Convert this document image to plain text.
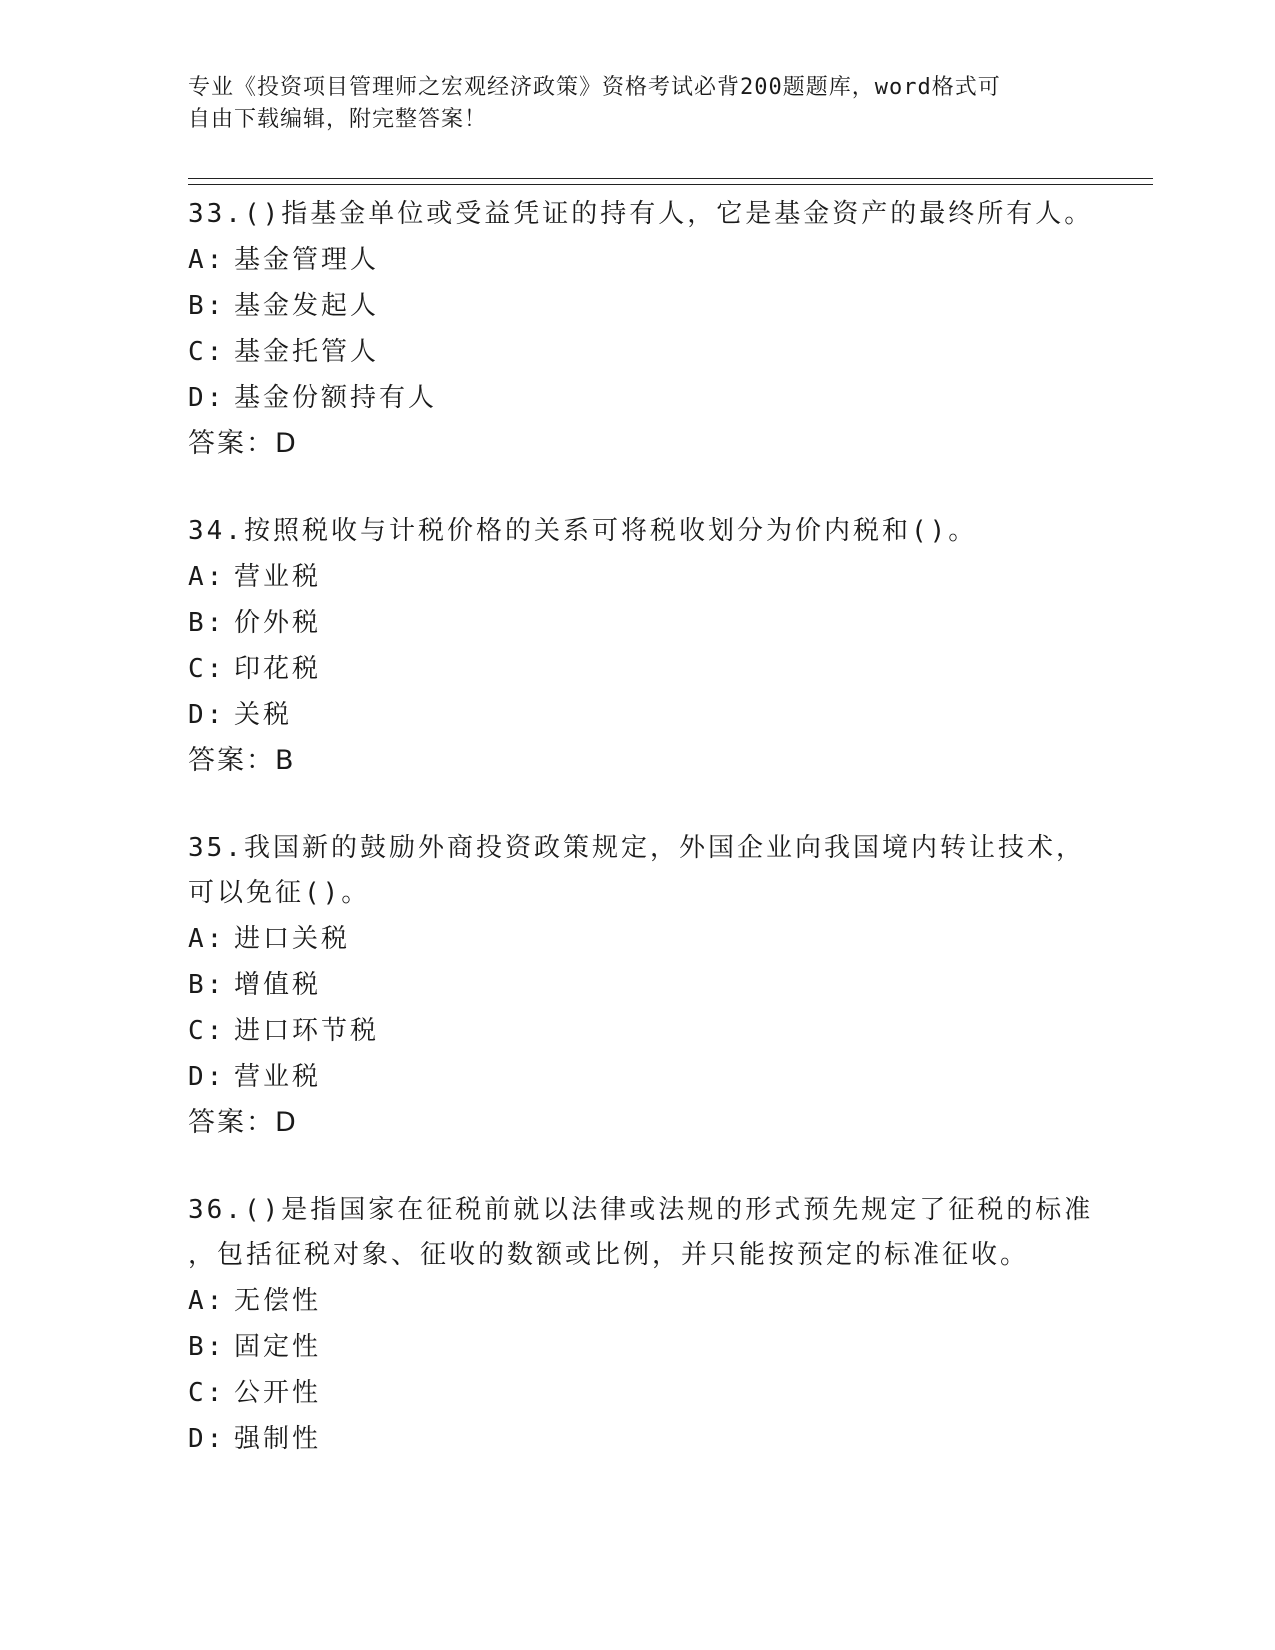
专业《投资项目管理师之宏观经济政策》资格考试必背200题题库，word格式可
自由下载编辑，附完整答案！
33.()指基金单位或受益凭证的持有人，它是基金资产的最终所有人。
A: 基金管理人
B: 基金发起人
C: 基金托管人
D: 基金份额持有人
答案：D
34.按照税收与计税价格的关系可将税收划分为价内税和()。
A: 营业税
B: 价外税
C: 印花税
D: 关税
答案：B
35.我国新的鼓励外商投资政策规定，外国企业向我国境内转让技术，
可以免征()。
A: 进口关税
B: 增值税
C: 进口环节税
D: 营业税
答案：D
36.()是指国家在征税前就以法律或法规的形式预先规定了征税的标准
，包括征税对象、征收的数额或比例，并只能按预定的标准征收。
A: 无偿性
B: 固定性
C: 公开性
D: 强制性
